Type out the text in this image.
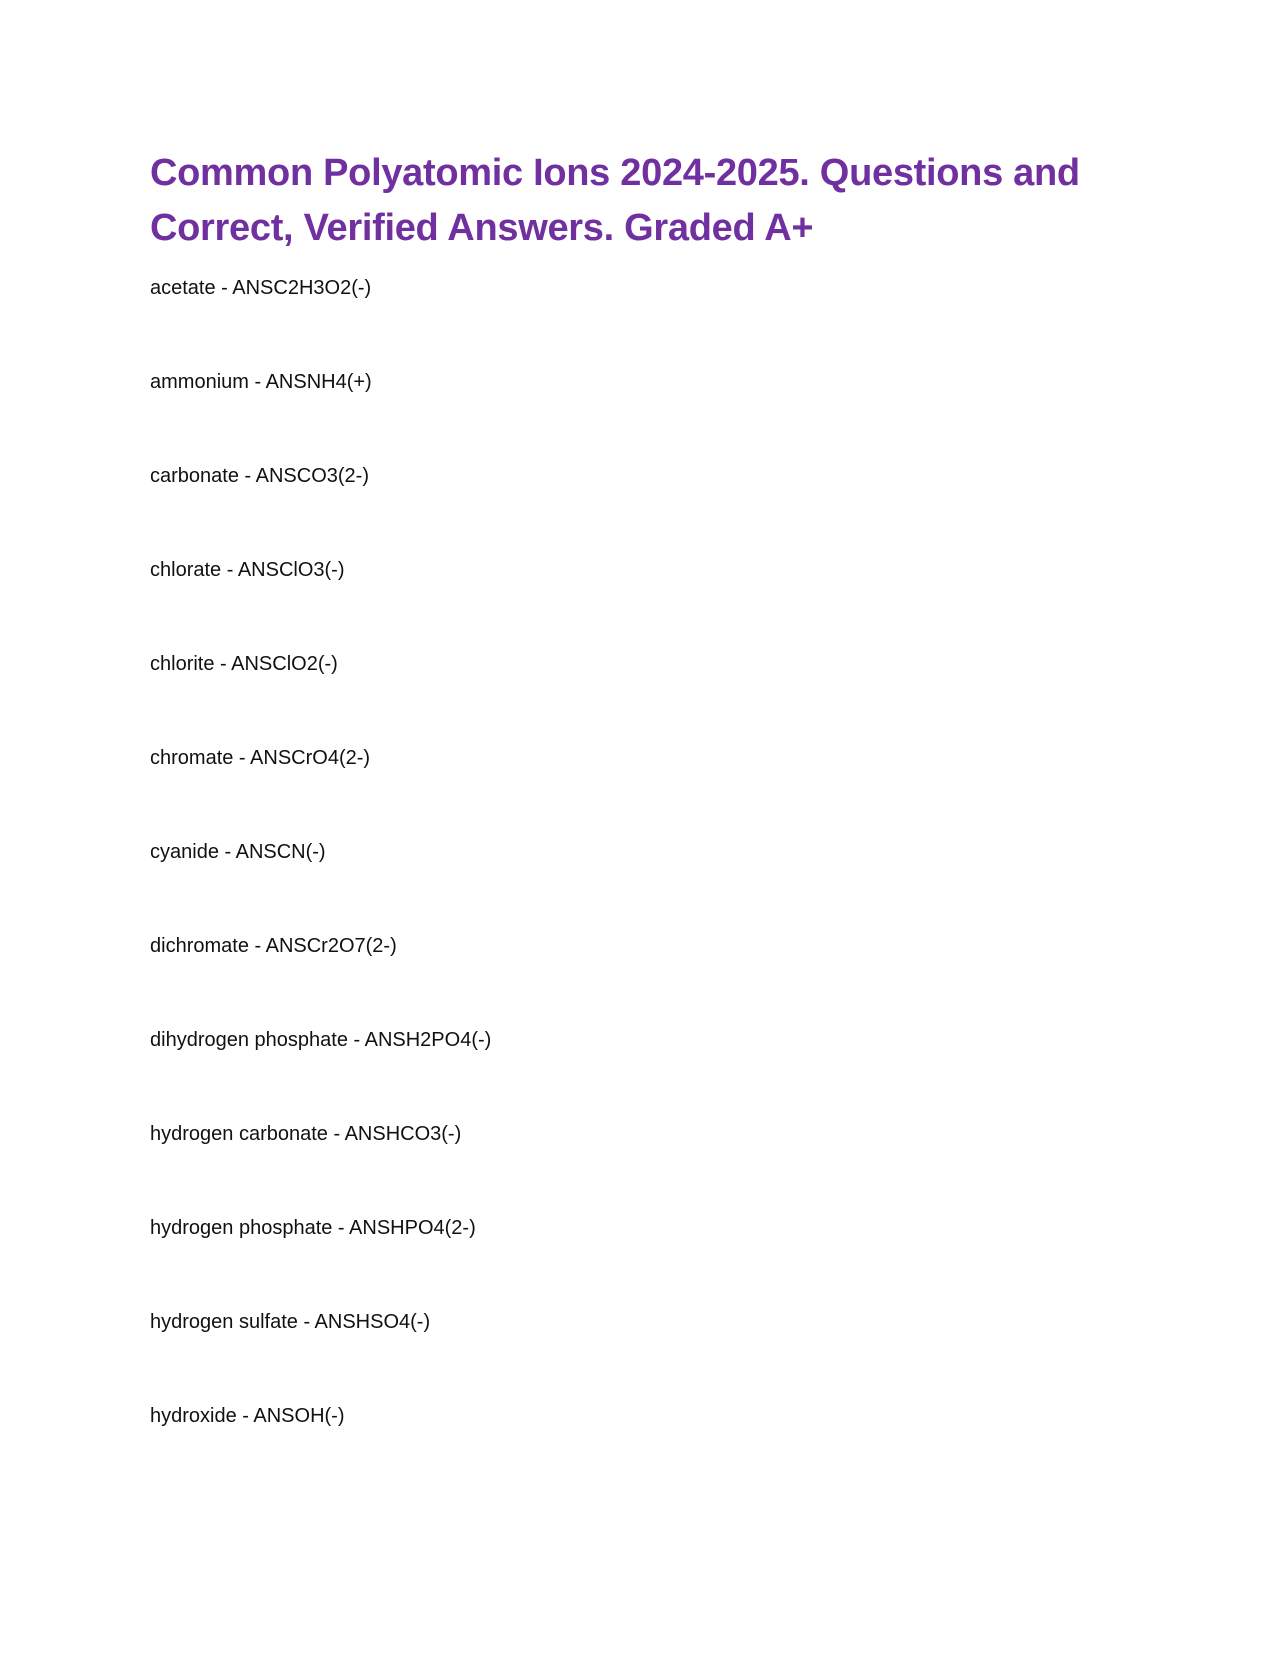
Common Polyatomic Ions 2024-2025. Questions and Correct, Verified Answers. Graded A+
acetate - ANSC2H3O2(-)
ammonium - ANSNH4(+)
carbonate - ANSCO3(2-)
chlorate - ANSClO3(-)
chlorite - ANSClO2(-)
chromate - ANSCrO4(2-)
cyanide - ANSCN(-)
dichromate - ANSCr2O7(2-)
dihydrogen phosphate - ANSH2PO4(-)
hydrogen carbonate - ANSHCO3(-)
hydrogen phosphate - ANSHPO4(2-)
hydrogen sulfate - ANSHSO4(-)
hydroxide - ANSOH(-)
